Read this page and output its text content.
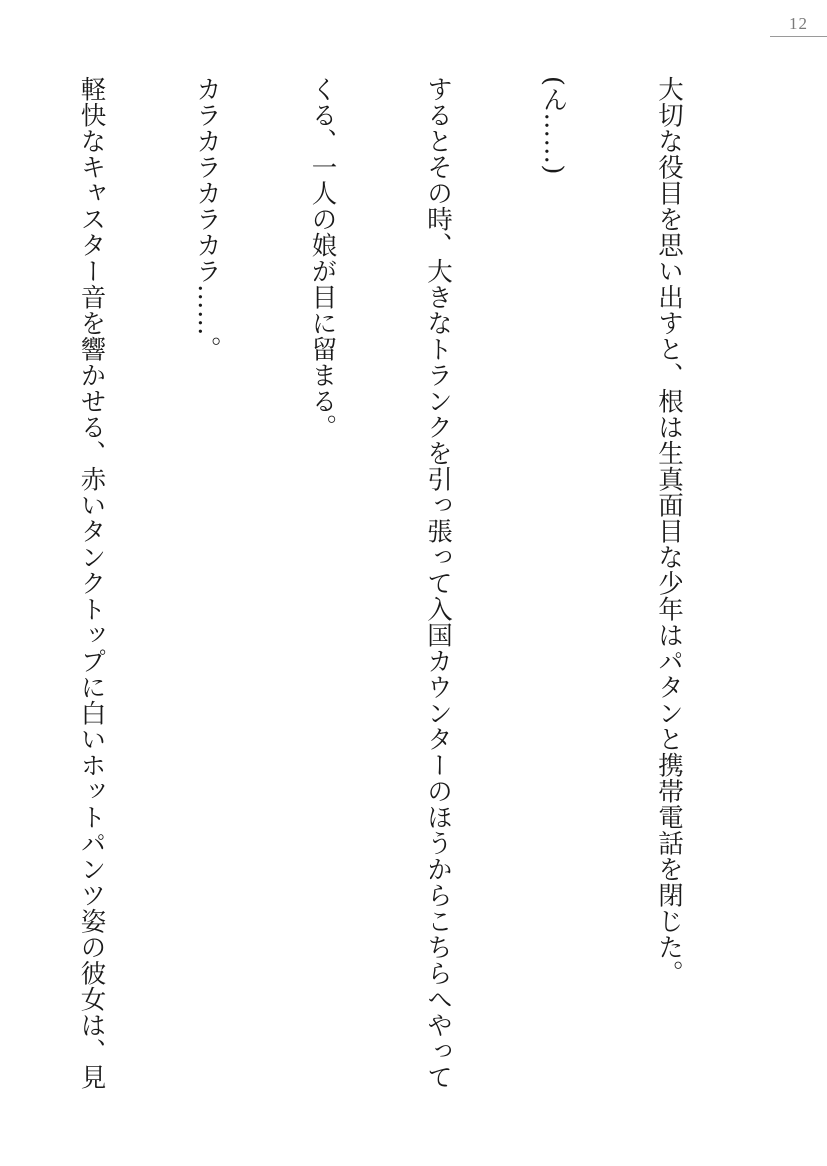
12

大切な役目を思い出すと、根は生真面目な少年はパタンと携帯電話を閉じた。

(ん……)

するとその時、大きなトランクを引っ張って入国カウンターのほうからこちらへやって

くる、一人の娘が目に留まる。

カラカラカラカラ……。

軽快なキャスター音を響かせる、赤いタンクトップに白いホットパンツ姿の彼女は、見
